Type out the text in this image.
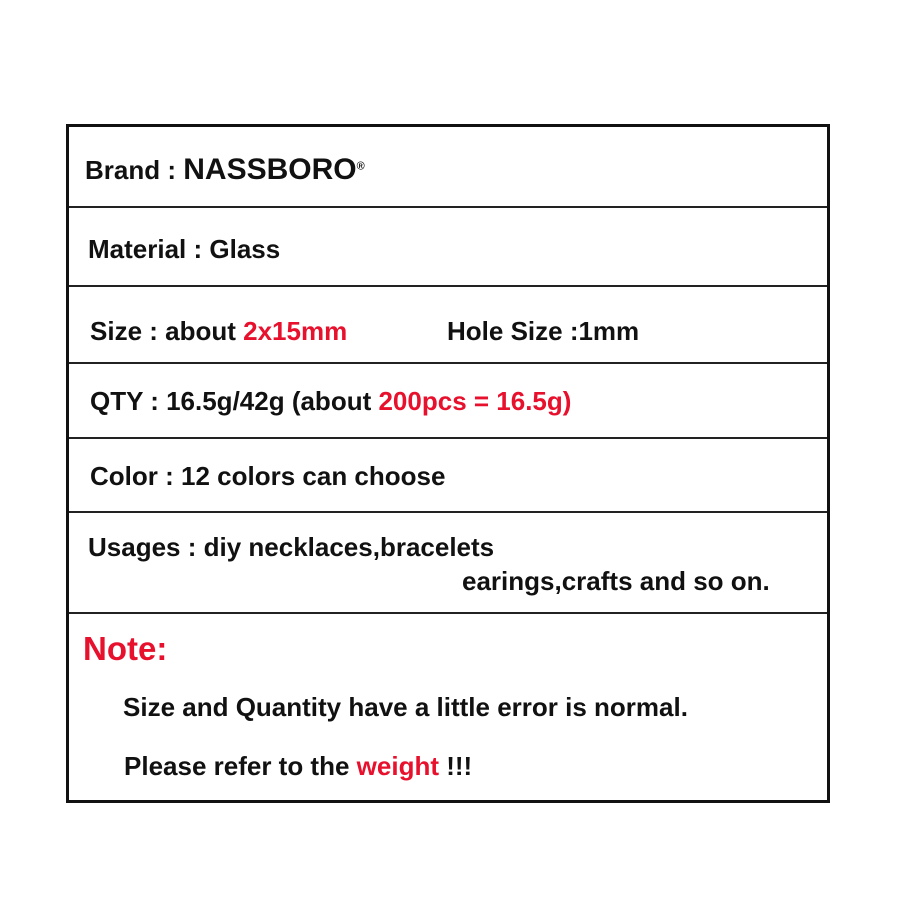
Brand : NASSBORO®
Material : Glass
Size : about 2x15mm	Hole Size :1mm
QTY : 16.5g/42g (about 200pcs = 16.5g)
Color : 12 colors can choose
Usages : diy necklaces,bracelets
earings,crafts and so on.
Note:
Size and Quantity have a little error is normal.
Please refer to the weight !!!
